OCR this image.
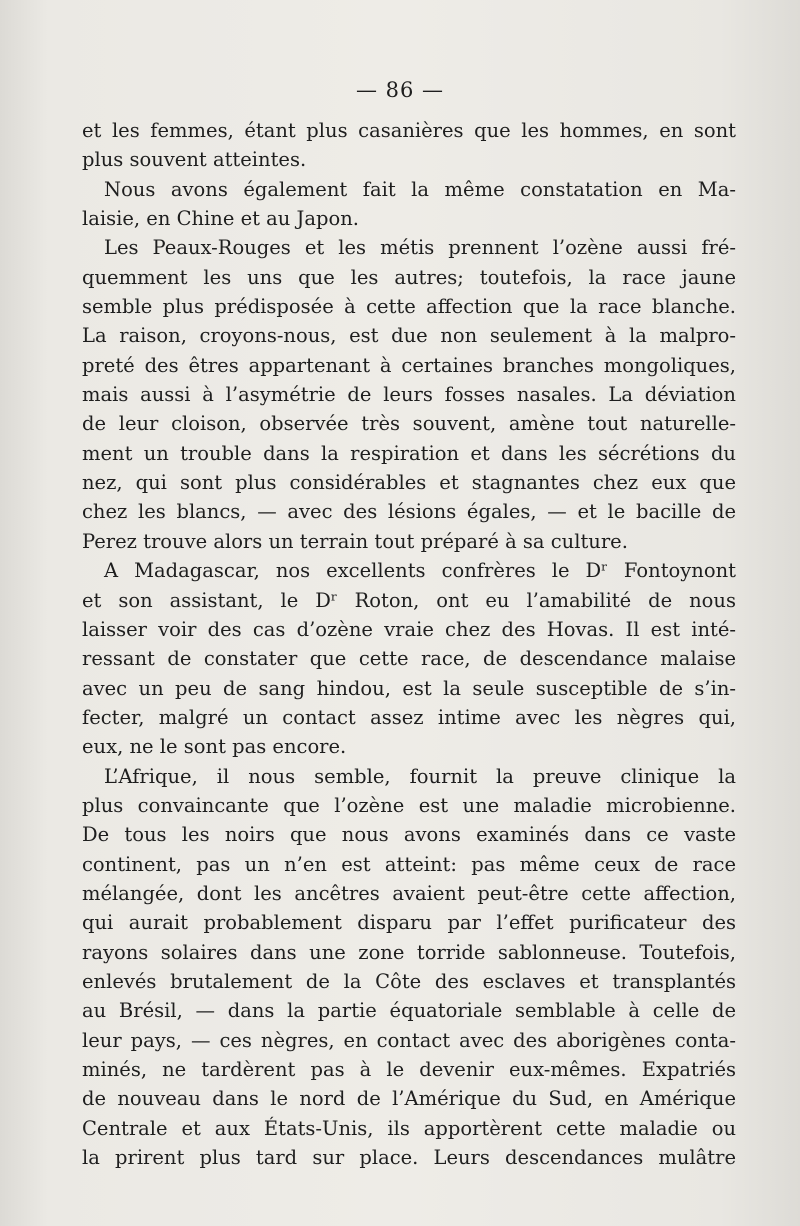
— 86 —
et les femmes, étant plus casanières que les hommes, en sont
plus souvent atteintes.
Nous avons également fait la même constatation en Ma-
laisie, en Chine et au Japon.
Les Peaux-Rouges et les métis prennent l’ozène aussi fré-
quemment les uns que les autres; toutefois, la race jaune
semble plus prédisposée à cette affection que la race blanche.
La raison, croyons-nous, est due non seulement à la malpro-
preté des êtres appartenant à certaines branches mongoliques,
mais aussi à l’asymétrie de leurs fosses nasales. La déviation
de leur cloison, observée très souvent, amène tout naturelle-
ment un trouble dans la respiration et dans les sécrétions du
nez, qui sont plus considérables et stagnantes chez eux que
chez les blancs, — avec des lésions égales, — et le bacille de
Perez trouve alors un terrain tout préparé à sa culture.
A Madagascar, nos excellents confrères le Dʳ Fontoynont
et son assistant, le Dʳ Roton, ont eu l’amabilité de nous
laisser voir des cas d’ozène vraie chez des Hovas. Il est inté-
ressant de constater que cette race, de descendance malaise
avec un peu de sang hindou, est la seule susceptible de s’in-
fecter, malgré un contact assez intime avec les nègres qui,
eux, ne le sont pas encore.
L’Afrique, il nous semble, fournit la preuve clinique la
plus convaincante que l’ozène est une maladie microbienne.
De tous les noirs que nous avons examinés dans ce vaste
continent, pas un n’en est atteint: pas même ceux de race
mélangée, dont les ancêtres avaient peut-être cette affection,
qui aurait probablement disparu par l’effet purificateur des
rayons solaires dans une zone torride sablonneuse. Toutefois,
enlevés brutalement de la Côte des esclaves et transplantés
au Brésil, — dans la partie équatoriale semblable à celle de
leur pays, — ces nègres, en contact avec des aborigènes conta-
minés, ne tardèrent pas à le devenir eux-mêmes. Expatriés
de nouveau dans le nord de l’Amérique du Sud, en Amérique
Centrale et aux États-Unis, ils apportèrent cette maladie ou
la prirent plus tard sur place. Leurs descendances mulâtre
